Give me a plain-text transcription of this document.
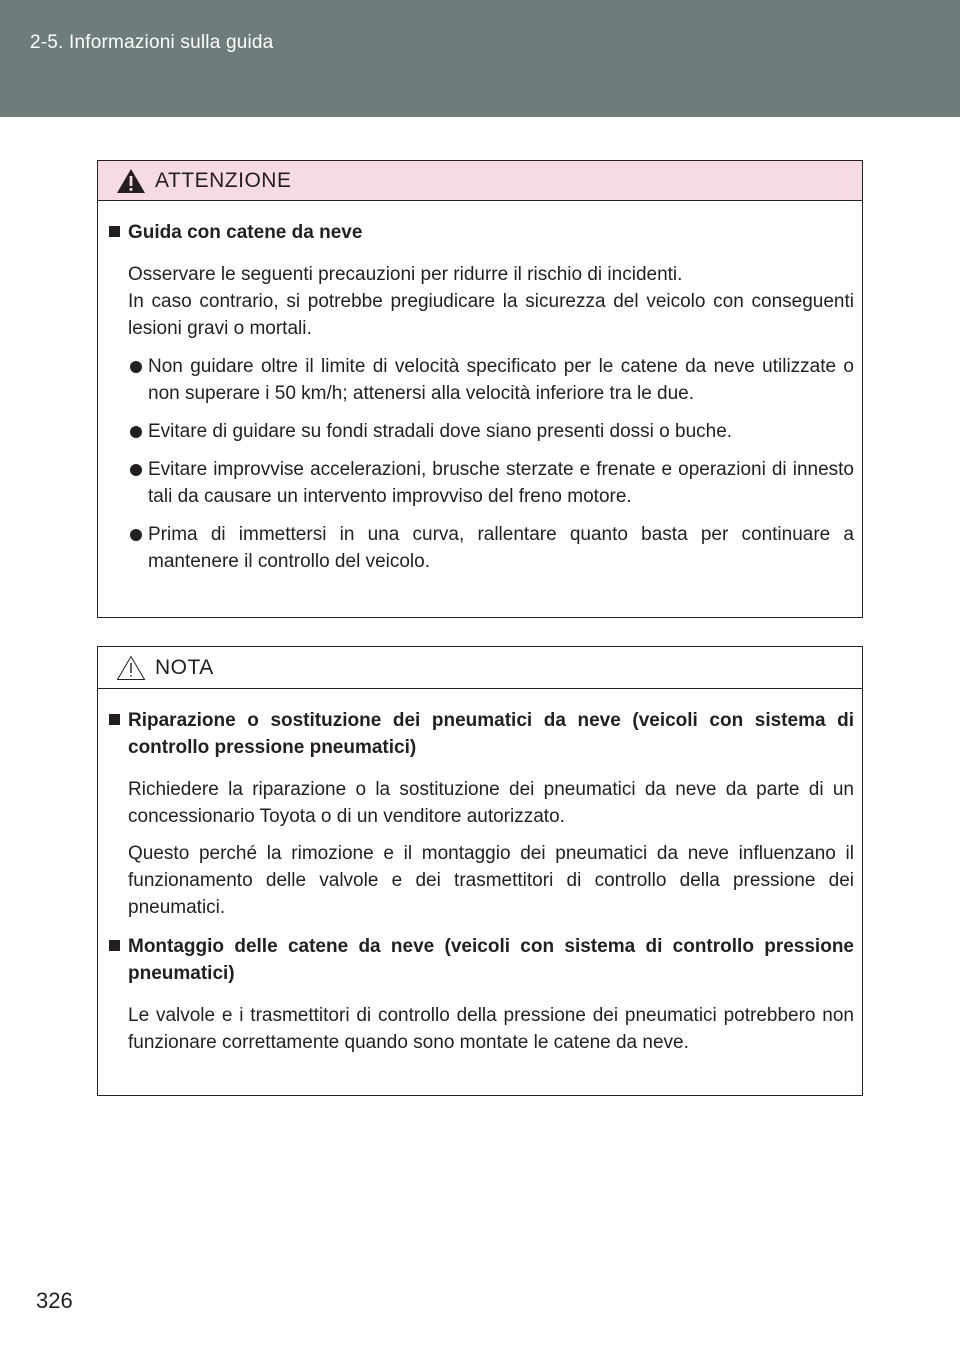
2-5. Informazioni sulla guida
ATTENZIONE
Guida con catene da neve
Osservare le seguenti precauzioni per ridurre il rischio di incidenti.
In caso contrario, si potrebbe pregiudicare la sicurezza del veicolo con conseguenti lesioni gravi o mortali.
Non guidare oltre il limite di velocità specificato per le catene da neve utilizzate o non superare i 50 km/h; attenersi alla velocità inferiore tra le due.
Evitare di guidare su fondi stradali dove siano presenti dossi o buche.
Evitare improvvise accelerazioni, brusche sterzate e frenate e operazioni di innesto tali da causare un intervento improvviso del freno motore.
Prima di immettersi in una curva, rallentare quanto basta per continuare a mantenere il controllo del veicolo.
NOTA
Riparazione o sostituzione dei pneumatici da neve (veicoli con sistema di controllo pressione pneumatici)
Richiedere la riparazione o la sostituzione dei pneumatici da neve da parte di un concessionario Toyota o di un venditore autorizzato.
Questo perché la rimozione e il montaggio dei pneumatici da neve influenzano il funzionamento delle valvole e dei trasmettitori di controllo della pressione dei pneumatici.
Montaggio delle catene da neve (veicoli con sistema di controllo pressione pneumatici)
Le valvole e i trasmettitori di controllo della pressione dei pneumatici potrebbero non funzionare correttamente quando sono montate le catene da neve.
326
